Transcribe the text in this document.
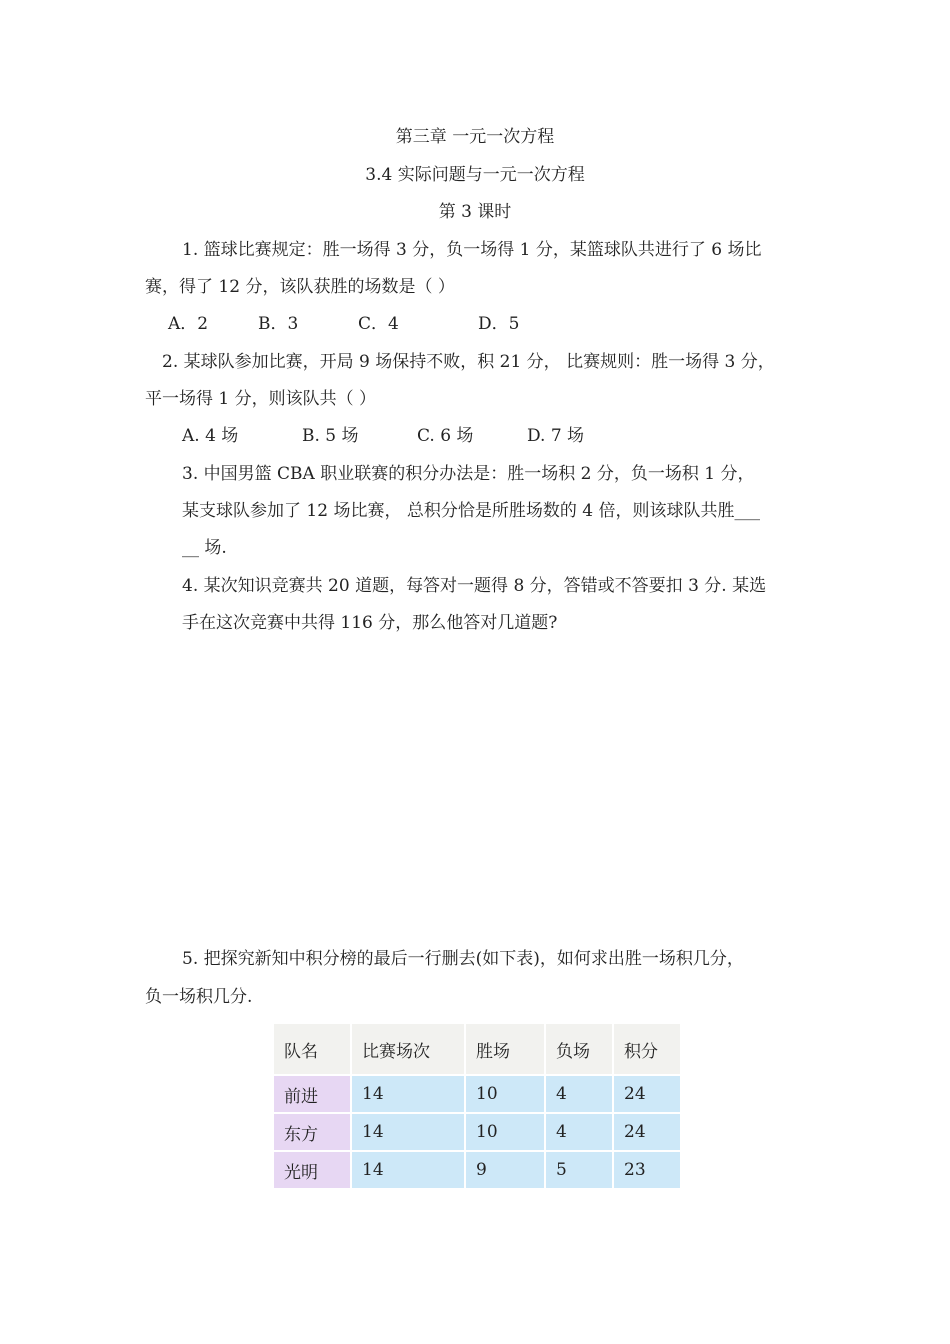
第三章 一元一次方程
3.4 实际问题与一元一次方程
第 3 课时
1. 篮球比赛规定：胜一场得 3 分，负一场得 1 分，某篮球队共进行了 6 场比
赛，得了 12 分，该队获胜的场数是（ ）
A．2	B．3	C．4	D．5
2. 某球队参加比赛，开局 9 场保持不败，积 21 分， 比赛规则：胜一场得 3 分，
平一场得 1 分，则该队共（ ）
A. 4 场	B. 5 场	C. 6 场	D. 7 场
3. 中国男篮 CBA 职业联赛的积分办法是：胜一场积 2 分，负一场积 1 分，
某支球队参加了 12 场比赛， 总积分恰是所胜场数的 4 倍，则该球队共胜___
__ 场.
4. 某次知识竞赛共 20 道题，每答对一题得 8 分，答错或不答要扣 3 分. 某选
手在这次竞赛中共得 116 分，那么他答对几道题?
5. 把探究新知中积分榜的最后一行删去(如下表)，如何求出胜一场积几分，
负一场积几分.
队名	比赛场次	胜场	负场	积分
前进	14	10	4	24
东方	14	10	4	24
光明	14	9	5	23
